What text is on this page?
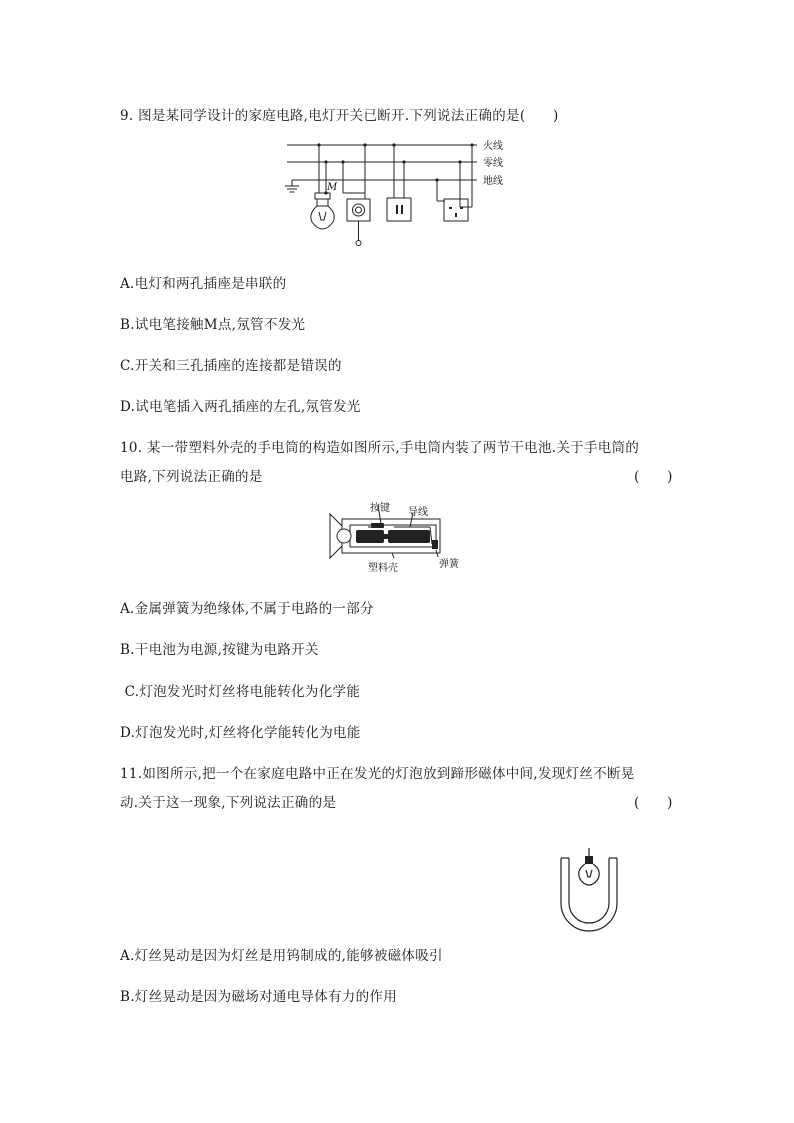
9. 图是某同学设计的家庭电路,电灯开关已断开.下列说法正确的是(　　)
M
火线
零线
地线
A.电灯和两孔插座是串联的
B.试电笔接触M点,氖管不发光
C.开关和三孔插座的连接都是错误的
D.试电笔插入两孔插座的左孔,氖管发光
10. 某一带塑料外壳的手电筒的构造如图所示,手电筒内装了两节干电池.关于手电筒的
电路,下列说法正确的是	(　　)
按键 导线
塑料壳	弹簧
A.金属弹簧为绝缘体,不属于电路的一部分
B.干电池为电源,按键为电路开关
C.灯泡发光时灯丝将电能转化为化学能
D.灯泡发光时,灯丝将化学能转化为电能
11.如图所示,把一个在家庭电路中正在发光的灯泡放到蹄形磁体中间,发现灯丝不断晃
动.关于这一现象,下列说法正确的是	(　　)
A.灯丝晃动是因为灯丝是用钨制成的,能够被磁体吸引
B.灯丝晃动是因为磁场对通电导体有力的作用
